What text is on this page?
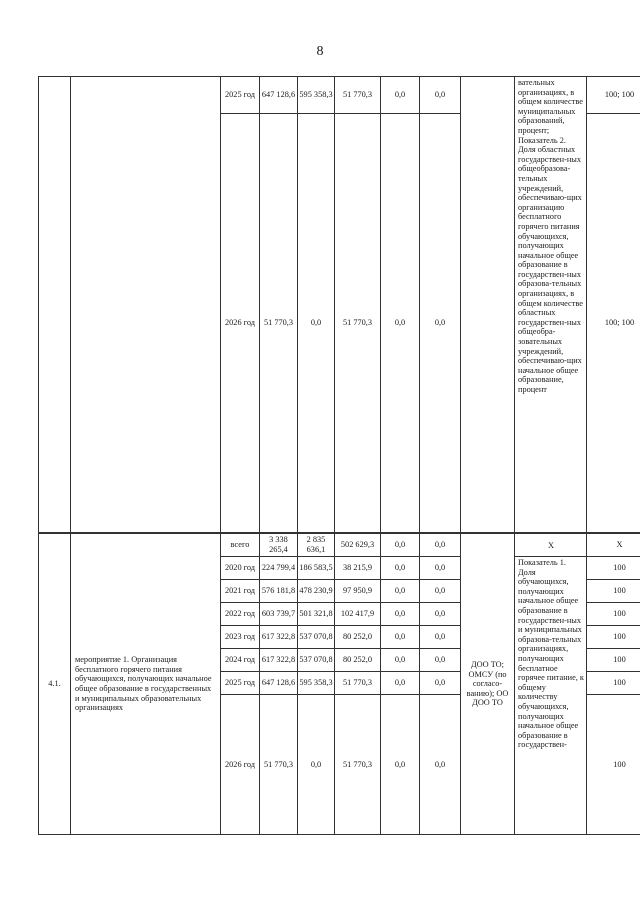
8
		2025 год	647 128,6	595 358,3	51 770,3	0,0	0,0		вательных организациях, в общем количестве муниципальных образований, процент; Показатель 2. Доля областных государствен-ных общеобразова-тельных учреждений, обеспечиваю-щих организацию бесплатного горячего питания обучающихся, получающих начальное общее образование в государствен-ных образова-тельных организациях, в общем количестве областных государствен-ных общеобра-зовательных учреждений, обеспечиваю-щих начальное общее образование, процент	100; 100
		2026 год	51 770,3	0,0	51 770,3	0,0	0,0			100; 100
4.1.	мероприятие 1. Организация бесплатного горячего питания обучающихся, получающих начальное общее образование в государственных и муниципальных образовательных организациях	всего	3 338 265,4	2 835 636,1	502 629,3	0,0	0,0	ДОО ТО; ОМСУ (по согласо-ванию); ОО ДОО ТО	Х	Х
		2020 год	224 799,4	186 583,5	38 215,9	0,0	0,0		Показатель 1. Доля обучающихся, получающих начальное общее образование в государствен-ных и муниципальных образова-тельных организациях, получающих бесплатное горячее питание, к общему количеству обучающихся, получающих начальное общее образование в государствен-	100
		2021 год	576 181,8	478 230,9	97 950,9	0,0	0,0			100
		2022 год	603 739,7	501 321,8	102 417,9	0,0	0,0			100
		2023 год	617 322,8	537 070,8	80 252,0	0,0	0,0			100
		2024 год	617 322,8	537 070,8	80 252,0	0,0	0,0			100
		2025 год	647 128,6	595 358,3	51 770,3	0,0	0,0			100
		2026 год	51 770,3	0,0	51 770,3	0,0	0,0			100
